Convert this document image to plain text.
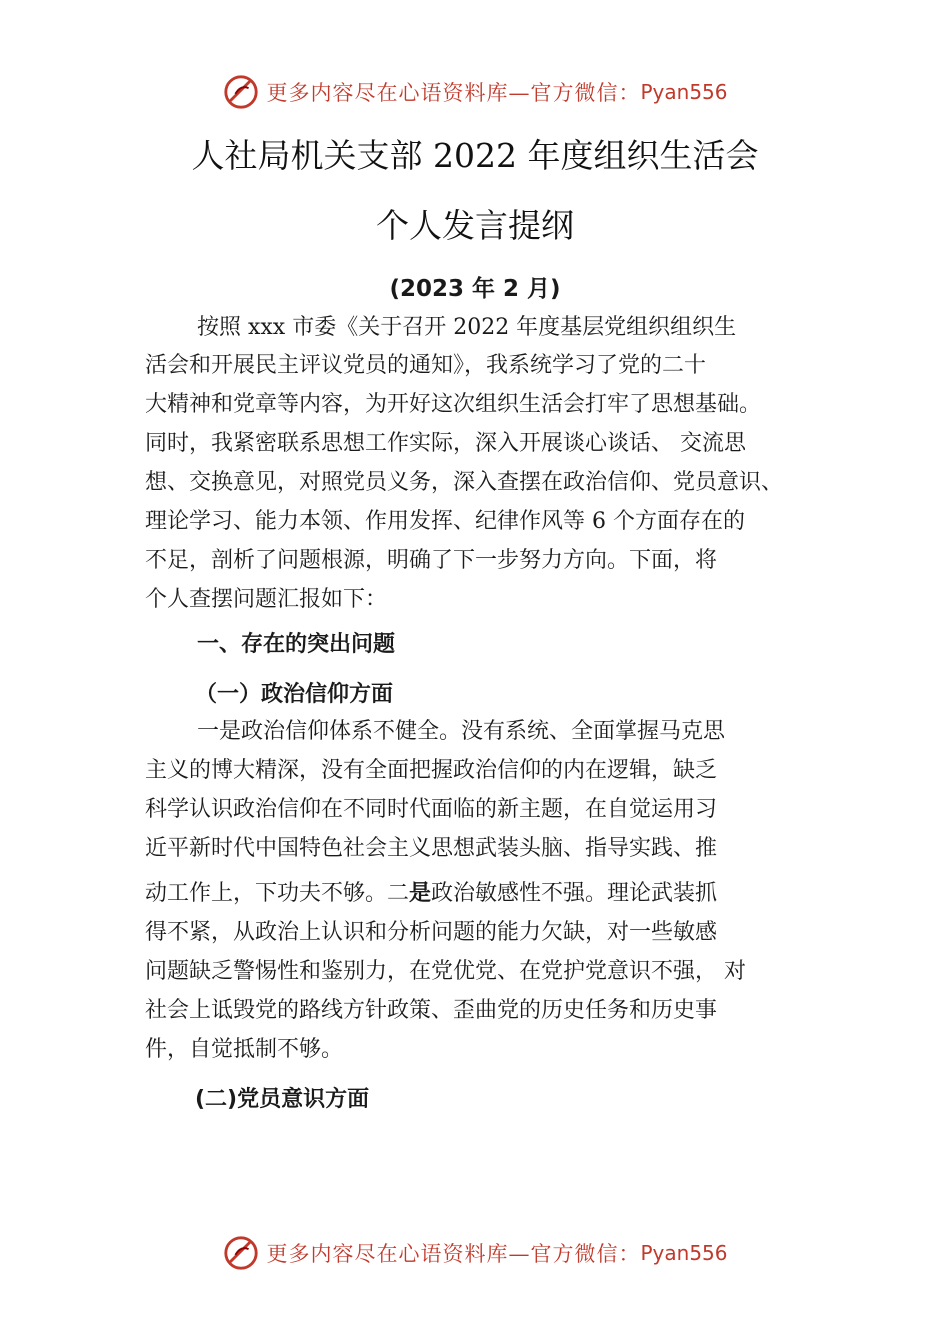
更多内容尽在心语资料库—官方微信： Pyan556
人社局机关支部 2022 年度组织生活会
个人发言提纲
(2023 年 2 月)
按照 xxx 市委《关于召开 2022 年度基层党组织组织生
活会和开展民主评议党员的通知》，我系统学习了党的二十
大精神和党章等内容，为开好这次组织生活会打牢了思想基础。
同时，我紧密联系思想工作实际，深入开展谈心谈话、 交流思
想、交换意见，对照党员义务，深入查摆在政治信仰、党员意识、
理论学习、能力本领、作用发挥、纪律作风等 6 个方面存在的
不足，剖析了问题根源，明确了下一步努力方向。下面，将
个人查摆问题汇报如下：
一、存在的突出问题
（一）政治信仰方面
一是政治信仰体系不健全。没有系统、全面掌握马克思
主义的博大精深，没有全面把握政治信仰的内在逻辑，缺乏
科学认识政治信仰在不同时代面临的新主题，在自觉运用习
近平新时代中国特色社会主义思想武装头脑、指导实践、推
动工作上，下功夫不够。二是政治敏感性不强。理论武装抓
得不紧，从政治上认识和分析问题的能力欠缺，对一些敏感
问题缺乏警惕性和鉴别力，在党优党、在党护党意识不强， 对
社会上诋毁党的路线方针政策、歪曲党的历史任务和历史事
件，自觉抵制不够。
(二)党员意识方面
更多内容尽在心语资料库—官方微信： Pyan556
